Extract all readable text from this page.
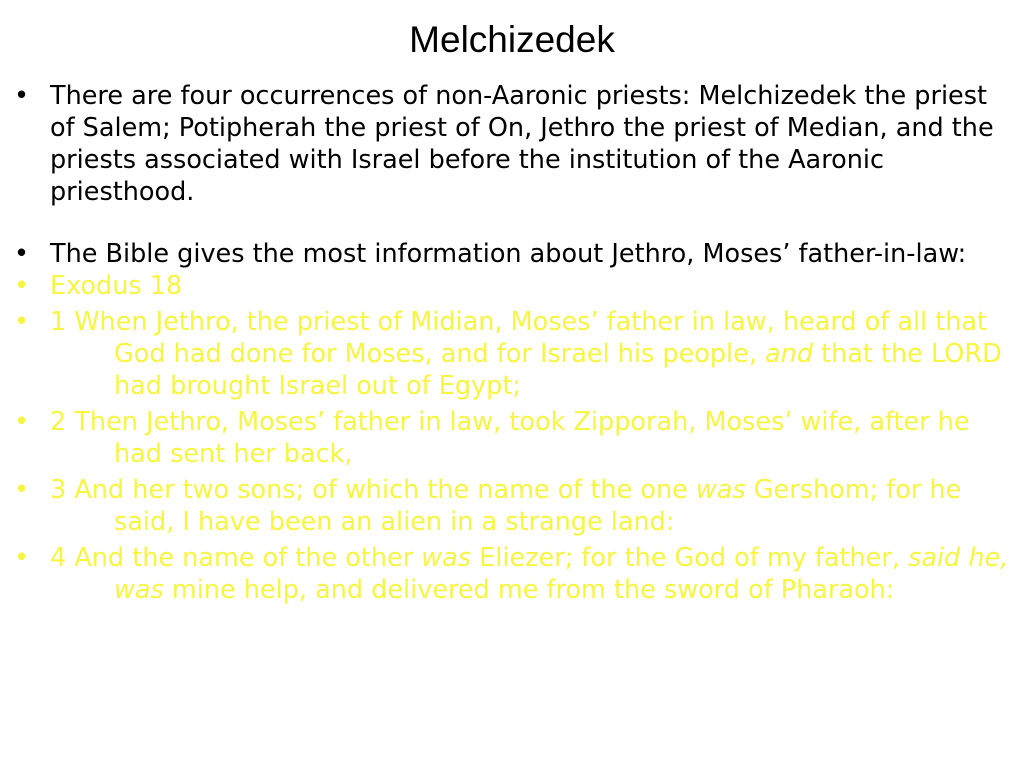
Melchizedek
• There are four occurrences of non-Aaronic priests: Melchizedek the priest of Salem; Potipherah the priest of On, Jethro the priest of Median, and the priests associated with Israel before the institution of the Aaronic priesthood.
• The Bible gives the most information about Jethro, Moses’ father-in-law:
• Exodus 18
• 1 When Jethro, the priest of Midian, Moses’ father in law, heard of all that God had done for Moses, and for Israel his people, and that the LORD had brought Israel out of Egypt;
• 2 Then Jethro, Moses’ father in law, took Zipporah, Moses’ wife, after he had sent her back,
• 3 And her two sons; of which the name of the one was Gershom; for he said, I have been an alien in a strange land:
• 4 And the name of the other was Eliezer; for the God of my father, said he, was mine help, and delivered me from the sword of Pharaoh:
